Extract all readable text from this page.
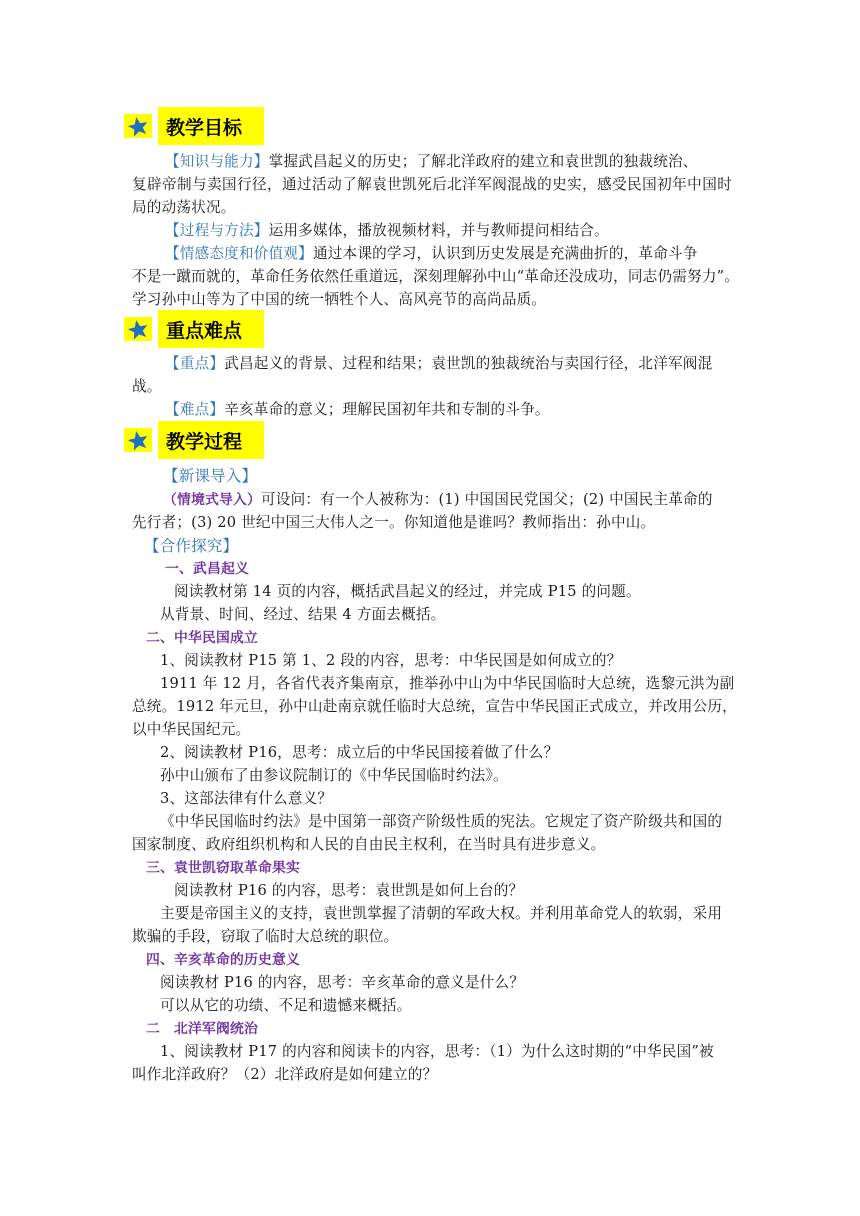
教学目标
【知识与能力】掌握武昌起义的历史；了解北洋政府的建立和袁世凯的独裁统治、
复辟帝制与卖国行径，通过活动了解袁世凯死后北洋军阀混战的史实，感受民国初年中国时
局的动荡状况。
【过程与方法】运用多媒体，播放视频材料，并与教师提问相结合。
【情感态度和价值观】通过本课的学习，认识到历史发展是充满曲折的，革命斗争
不是一蹴而就的，革命任务依然任重道远，深刻理解孙中山“革命还没成功，同志仍需努力”。
学习孙中山等为了中国的统一牺牲个人、高风亮节的高尚品质。
重点难点
【重点】武昌起义的背景、过程和结果；袁世凯的独裁统治与卖国行径，北洋军阀混
战。
【难点】辛亥革命的意义；理解民国初年共和专制的斗争。
教学过程
【新课导入】
（情境式导入）可设问：有一个人被称为：(1) 中国国民党国父；(2) 中国民主革命的
先行者；(3) 20 世纪中国三大伟人之一。你知道他是谁吗？教师指出：孙中山。
【合作探究】
一、武昌起义
阅读教材第 14 页的内容，概括武昌起义的经过，并完成 P15 的问题。
从背景、时间、经过、结果 4 方面去概括。
二、中华民国成立
1、阅读教材 P15 第 1、2 段的内容，思考：中华民国是如何成立的？
1911 年 12 月，各省代表齐集南京，推举孙中山为中华民国临时大总统，选黎元洪为副
总统。1912 年元旦，孙中山赴南京就任临时大总统，宣告中华民国正式成立，并改用公历，
以中华民国纪元。
2、阅读教材 P16，思考：成立后的中华民国接着做了什么？
孙中山颁布了由参议院制订的《中华民国临时约法》。
3、这部法律有什么意义？
《中华民国临时约法》是中国第一部资产阶级性质的宪法。它规定了资产阶级共和国的
国家制度、政府组织机构和人民的自由民主权利，在当时具有进步意义。
三、袁世凯窃取革命果实
阅读教材 P16 的内容，思考：袁世凯是如何上台的？
主要是帝国主义的支持，袁世凯掌握了清朝的军政大权。并利用革命党人的软弱，采用
欺骗的手段，窃取了临时大总统的职位。
四、辛亥革命的历史意义
阅读教材 P16 的内容，思考：辛亥革命的意义是什么？
可以从它的功绩、不足和遗憾来概括。
二　北洋军阀统治
1、阅读教材 P17 的内容和阅读卡的内容，思考：（1）为什么这时期的“中华民国”被
叫作北洋政府？（2）北洋政府是如何建立的？
